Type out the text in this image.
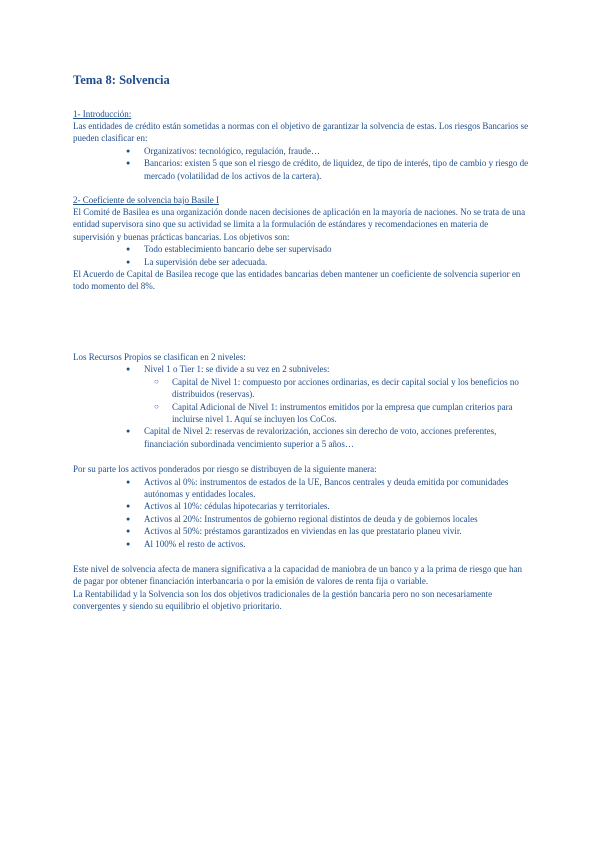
Tema 8: Solvencia

1- Introducción:

Las entidades de crédito están sometidas a normas con el objetivo de garantizar la solvencia de estas. Los riesgos Bancarios se pueden clasificar en:

● Organizativos: tecnológico, regulación, fraude…
● Bancarios: existen 5 que son el riesgo de crédito, de liquidez, de tipo de interés, tipo de cambio y riesgo de mercado (volatilidad de los activos de la cartera).

2- Coeficiente de solvencia bajo Basile I

El Comité de Basilea es una organización donde nacen decisiones de aplicación en la mayoría de naciones. No se trata de una entidad supervisora sino que su actividad se limita a la formulación de estándares y recomendaciones en materia de supervisión y buenas prácticas bancarias. Los objetivos son:

● Todo establecimiento bancario debe ser supervisado
● La supervisión debe ser adecuada.

El Acuerdo de Capital de Basilea recoge que las entidades bancarias deben mantener un coeficiente de solvencia superior en todo momento del 8%.

Los Recursos Propios se clasifican en 2 niveles:

● Nivel 1 o Tier 1: se divide a su vez en 2 subniveles:
○ Capital de Nivel 1: compuesto por acciones ordinarias, es decir capital social y los beneficios no distribuidos (reservas).
○ Capital Adicional de Nivel 1: instrumentos emitidos por la empresa que cumplan criterios para incluirse nivel 1. Aquí se incluyen los CoCos.
● Capital de Nivel 2: reservas de revalorización, acciones sin derecho de voto, acciones preferentes, financiación subordinada vencimiento superior a 5 años…

Por su parte los activos ponderados por riesgo se distribuyen de la siguiente manera:

● Activos al 0%: instrumentos de estados de la UE, Bancos centrales y deuda emitida por comunidades autónomas y entidades locales.
● Activos al 10%: cédulas hipotecarias y territoriales.
● Activos al 20%: Instrumentos de gobierno regional distintos de deuda y de gobiernos locales
● Activos al 50%: préstamos garantizados en viviendas en las que prestatario planeu vivir.
● Al 100% el resto de activos.

Este nivel de solvencia afecta de manera significativa a la capacidad de maniobra de un banco y a la prima de riesgo que han de pagar por obtener financiación interbancaria o por la emisión de valores de renta fija o variable.

La Rentabilidad y la Solvencia son los dos objetivos tradicionales de la gestión bancaria pero no son necesariamente convergentes y siendo su equilibrio el objetivo prioritario.
